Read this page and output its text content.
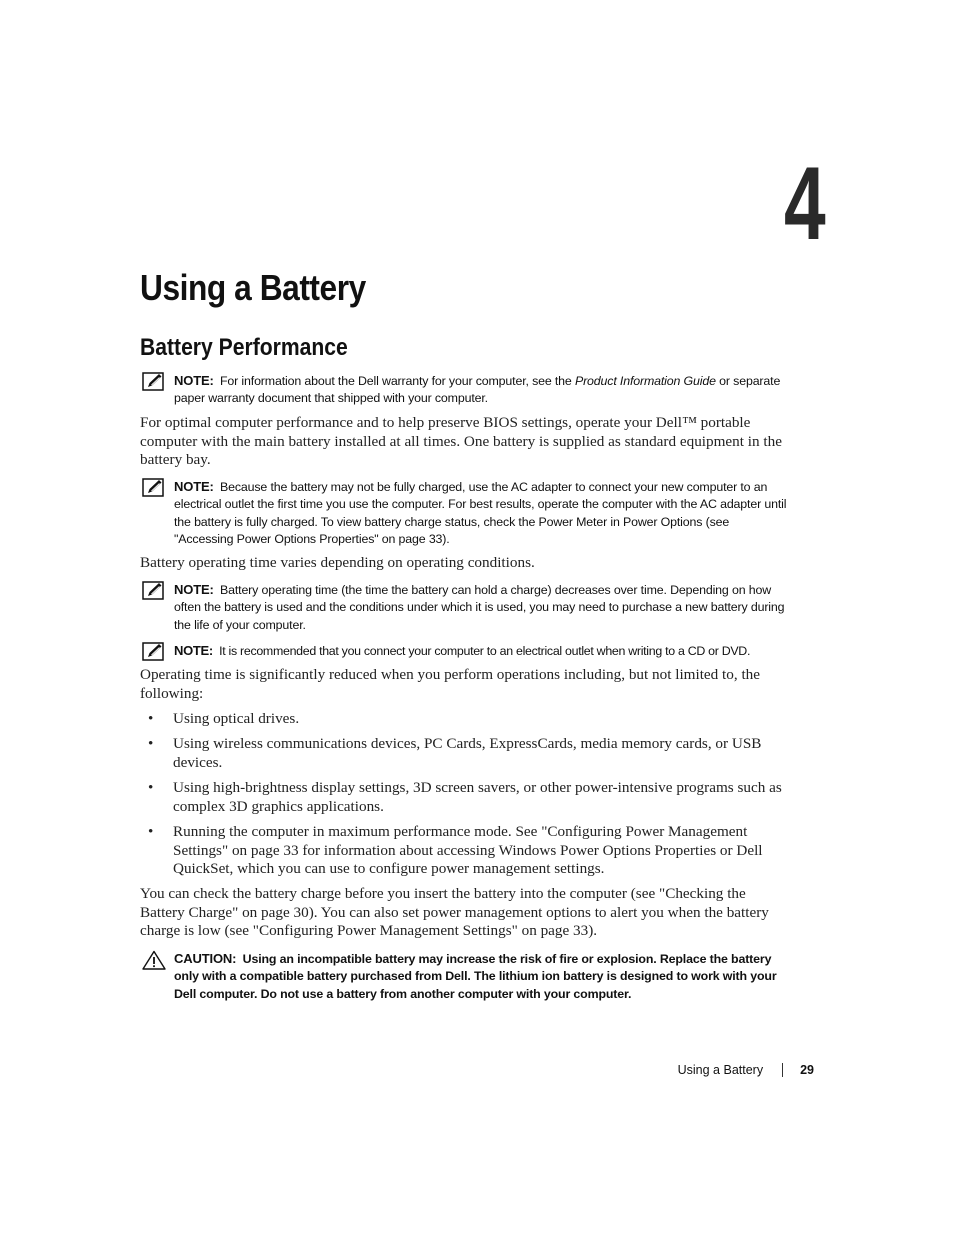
4
Using a Battery
Battery Performance

NOTE: For information about the Dell warranty for your computer, see the Product Information Guide or separate paper warranty document that shipped with your computer.

For optimal computer performance and to help preserve BIOS settings, operate your Dell™ portable computer with the main battery installed at all times. One battery is supplied as standard equipment in the battery bay.

NOTE: Because the battery may not be fully charged, use the AC adapter to connect your new computer to an electrical outlet the first time you use the computer. For best results, operate the computer with the AC adapter until the battery is fully charged. To view battery charge status, check the Power Meter in Power Options (see "Accessing Power Options Properties" on page 33).

Battery operating time varies depending on operating conditions.

NOTE: Battery operating time (the time the battery can hold a charge) decreases over time. Depending on how often the battery is used and the conditions under which it is used, you may need to purchase a new battery during the life of your computer.

NOTE: It is recommended that you connect your computer to an electrical outlet when writing to a CD or DVD.

Operating time is significantly reduced when you perform operations including, but not limited to, the following:

• Using optical drives.
• Using wireless communications devices, PC Cards, ExpressCards, media memory cards, or USB devices.
• Using high-brightness display settings, 3D screen savers, or other power-intensive programs such as complex 3D graphics applications.
• Running the computer in maximum performance mode. See "Configuring Power Management Settings" on page 33 for information about accessing Windows Power Options Properties or Dell QuickSet, which you can use to configure power management settings.

You can check the battery charge before you insert the battery into the computer (see "Checking the Battery Charge" on page 30). You can also set power management options to alert you when the battery charge is low (see "Configuring Power Management Settings" on page 33).

CAUTION: Using an incompatible battery may increase the risk of fire or explosion. Replace the battery only with a compatible battery purchased from Dell. The lithium ion battery is designed to work with your Dell computer. Do not use a battery from another computer with your computer.

Using a Battery	29
